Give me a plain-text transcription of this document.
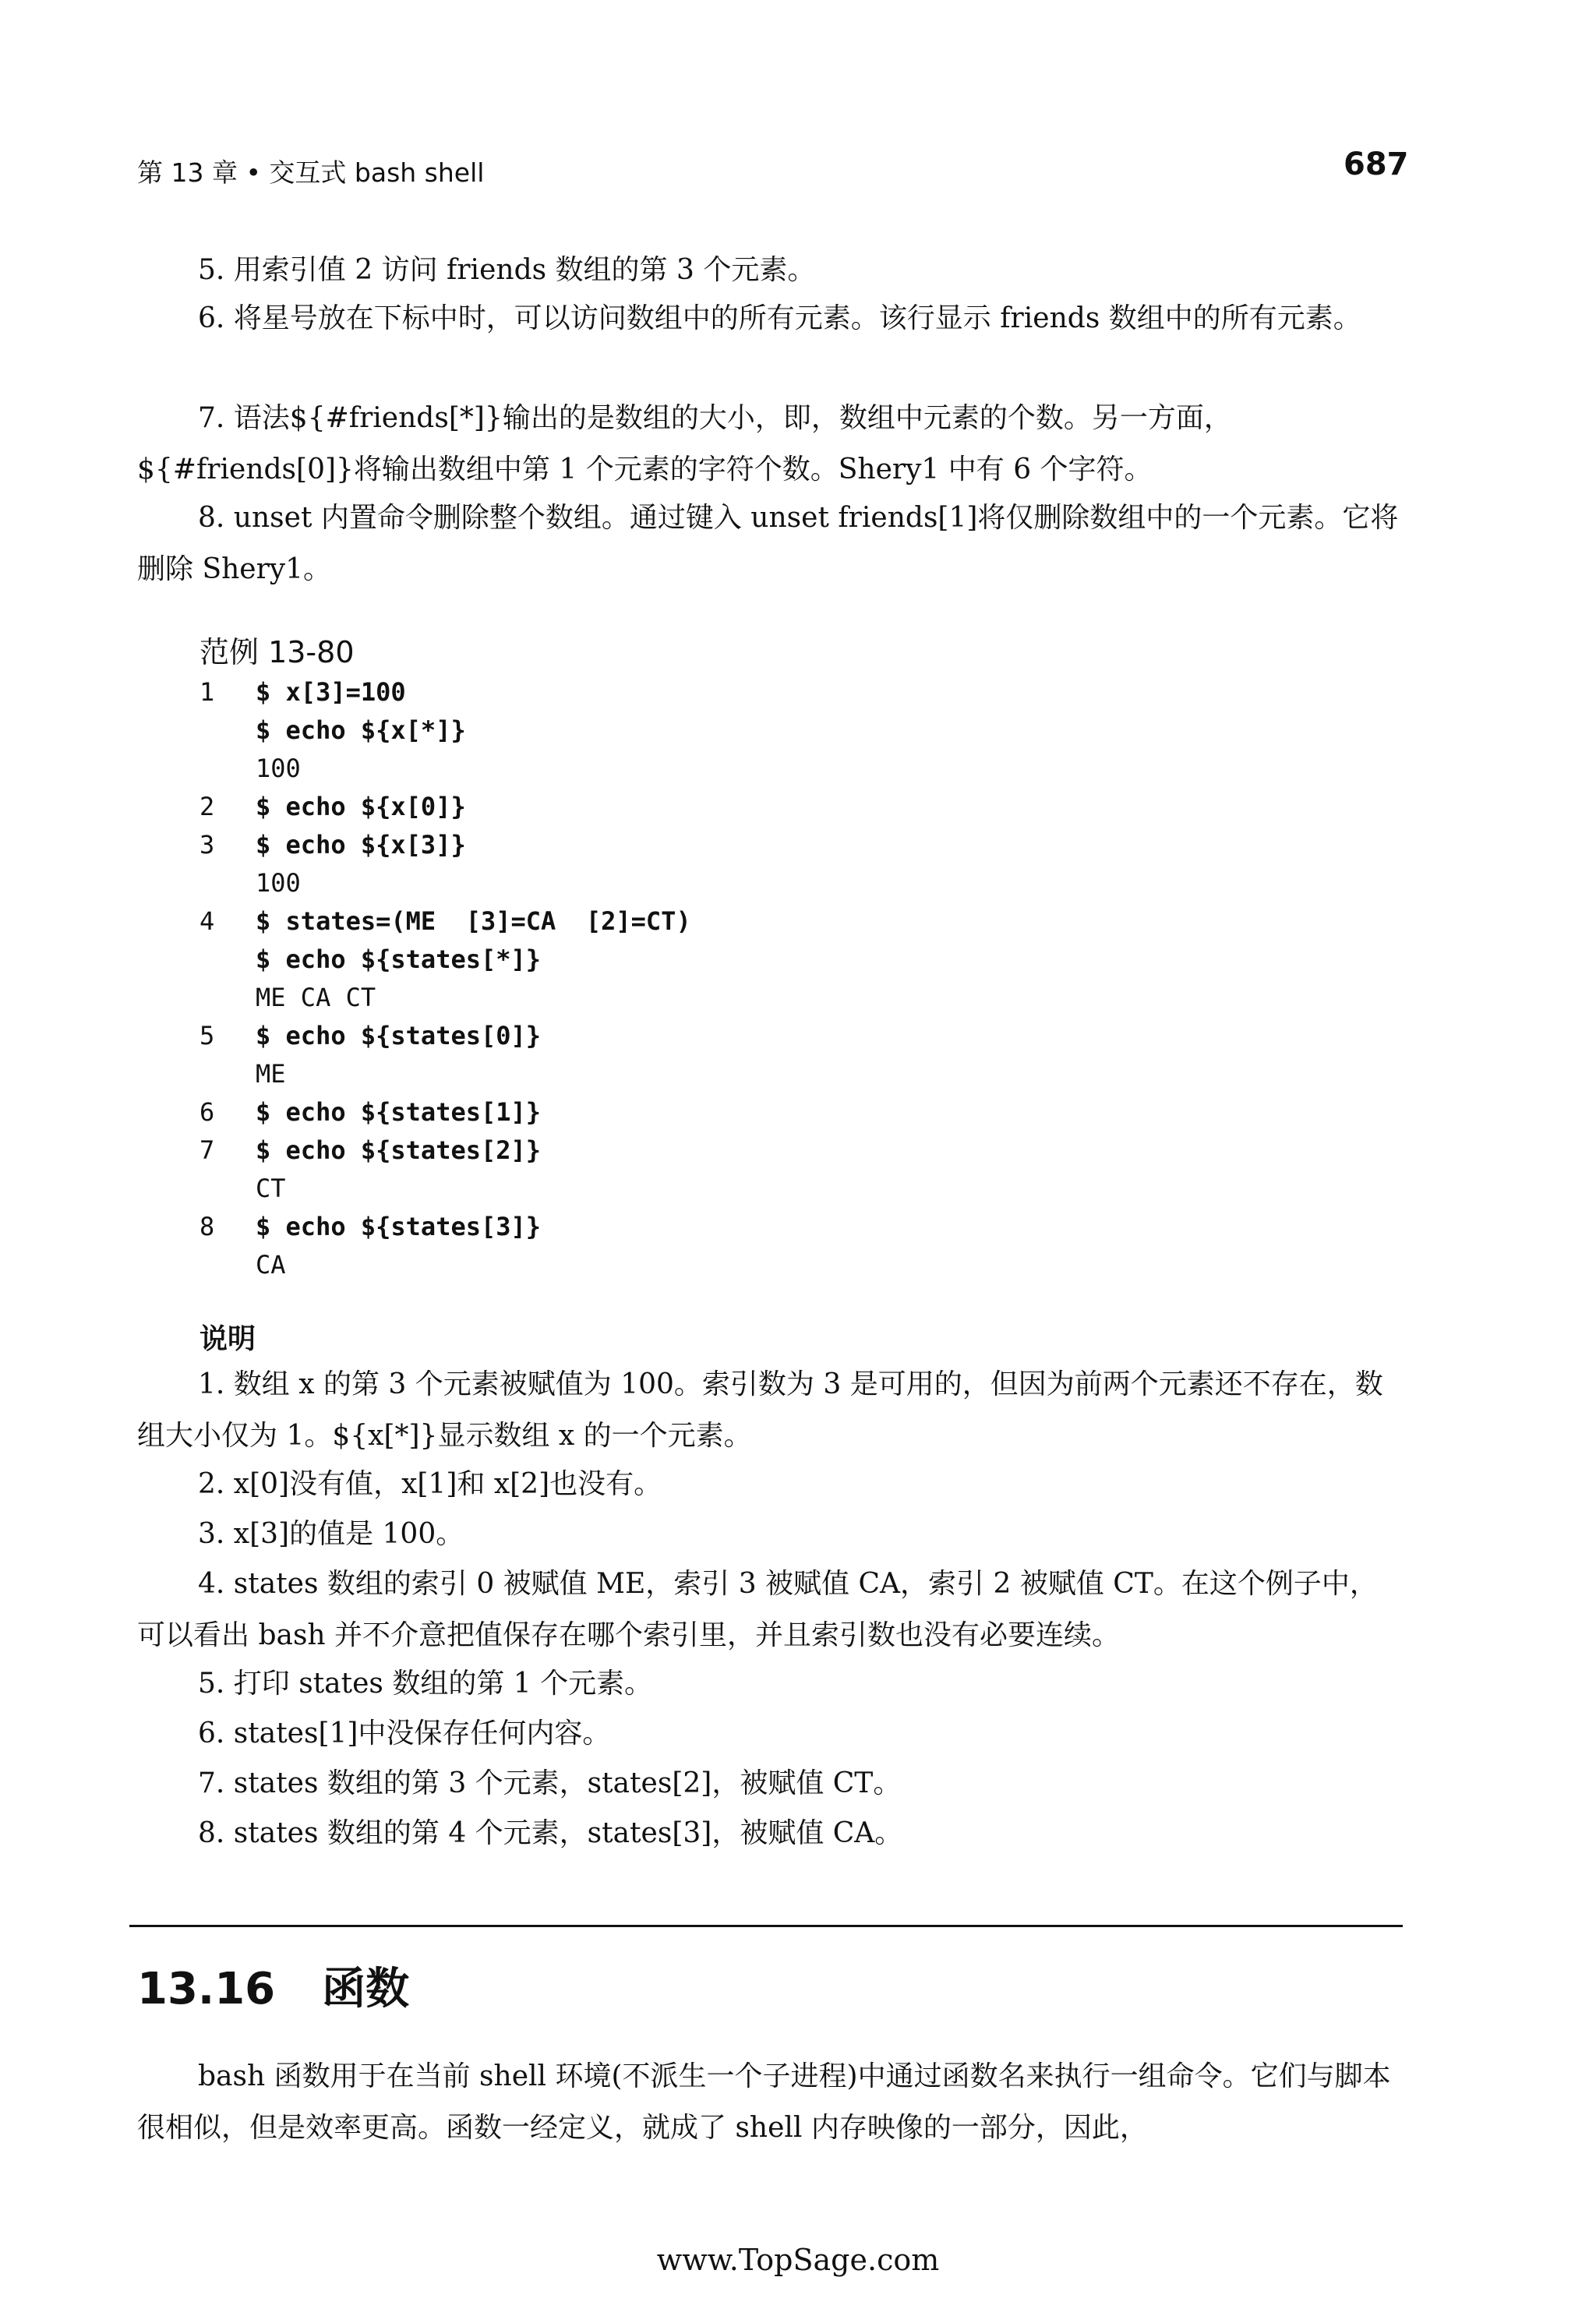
第 13 章 • 交互式 bash shell	687

5. 用索引值 2 访问 friends 数组的第 3 个元素。

6. 将星号放在下标中时，可以访问数组中的所有元素。该行显示 friends 数组中的所有元素。

7. 语法${#friends[*]}输出的是数组的大小，即，数组中元素的个数。另一方面，${#friends[0]}将输出数组中第 1 个元素的字符个数。Shery1 中有 6 个字符。

8. unset 内置命令删除整个数组。通过键入 unset friends[1]将仅删除数组中的一个元素。它将删除 Shery1。

范例 13-80
1	$ x[3]=100
$ echo ${x[*]}
100
2	$ echo ${x[0]}
3	$ echo ${x[3]}
100
4	$ states=(ME  [3]=CA  [2]=CT)
$ echo ${states[*]}
ME CA CT
5	$ echo ${states[0]}
ME
6	$ echo ${states[1]}
7	$ echo ${states[2]}
CT
8	$ echo ${states[3]}
CA
说明

1. 数组 x 的第 3 个元素被赋值为 100。索引数为 3 是可用的，但因为前两个元素还不存在，数组大小仅为 1。${x[*]}显示数组 x 的一个元素。

2. x[0]没有值，x[1]和 x[2]也没有。

3. x[3]的值是 100。

4. states 数组的索引 0 被赋值 ME，索引 3 被赋值 CA，索引 2 被赋值 CT。在这个例子中，可以看出 bash 并不介意把值保存在哪个索引里，并且索引数也没有必要连续。

5. 打印 states 数组的第 1 个元素。

6. states[1]中没保存任何内容。

7. states 数组的第 3 个元素，states[2]，被赋值 CT。

8. states 数组的第 4 个元素，states[3]，被赋值 CA。

13.16 函数

bash 函数用于在当前 shell 环境(不派生一个子进程)中通过函数名来执行一组命令。它们与脚本很相似，但是效率更高。函数一经定义，就成了 shell 内存映像的一部分，因此，

www.TopSage.com
